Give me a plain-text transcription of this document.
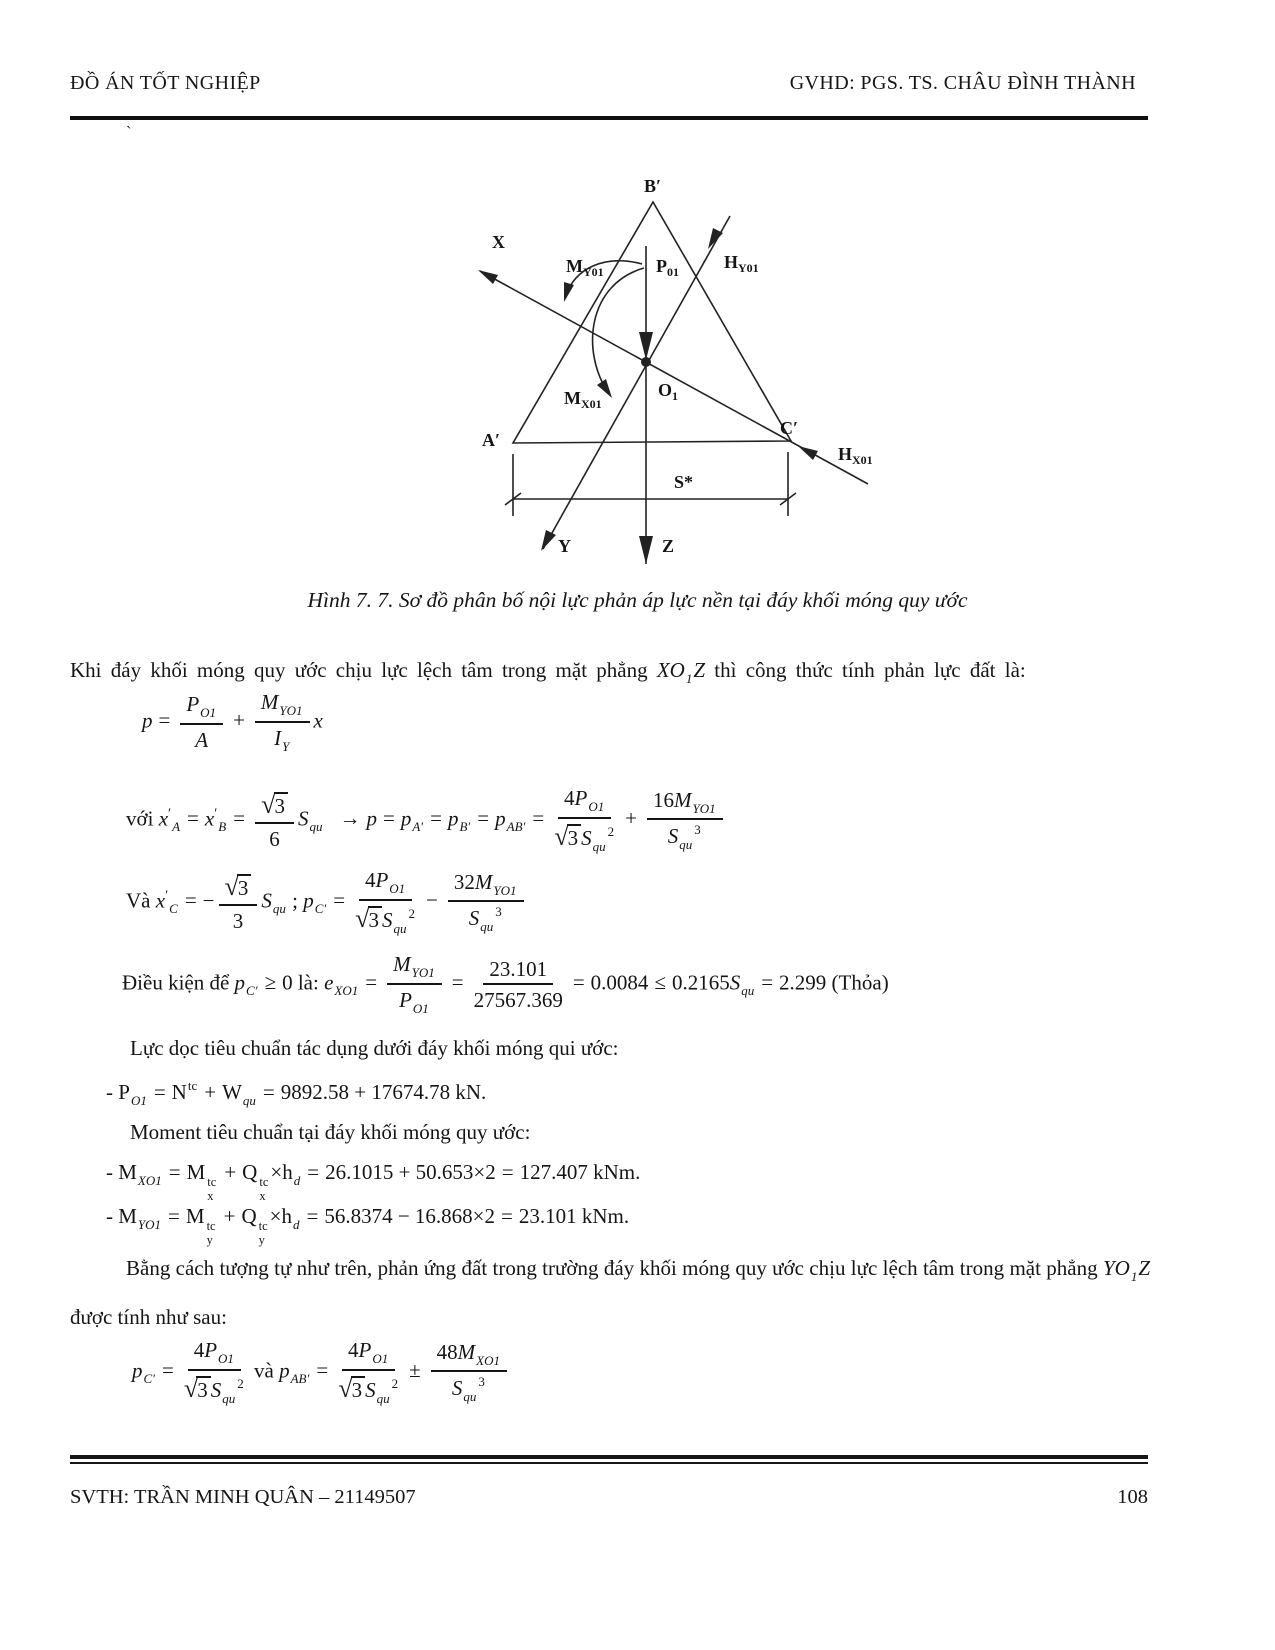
ĐỒ ÁN TỐT NGHIỆP	GVHD: PGS. TS. CHÂU ĐÌNH THÀNH
`
B′
X
$M_{Y01}$	$P_{01}$	$H_{Y01}$
$O_1$
$M_{X01}$
A′
C′
$H_{X01}$
S*
Y	Z
Hình 7. 7. Sơ đồ phân bố nội lực phản áp lực nền tại đáy khối móng quy ước
Khi đáy khối móng quy ước chịu lực lệch tâm trong mặt phẳng $XO_1Z$ thì công thức tính phản lực đất là:
$p = \frac{P_{O1}}{A} + \frac{M_{YO1}}{I_Y}$ x
với $x'_A = x'_B = \frac{√3}{6} S_{qu} \to p = p_{A'} = p_{B'} = p_{AB'} = \frac{4P_{O1}}{√3 S_{qu}^2} + \frac{16M_{YO1}}{S_{qu}^3}$
Và $x'_C$ = − $\frac{√3}{3} S_{qu}$ ; $p_{C'} = \frac{4P_{O1}}{√3 S_{qu}^2} - \frac{32M_{YO1}}{S_{qu}^3}$
Điều kiện để $p_{C'} \ge 0$ là: $e_{XO1} = \frac{M_{YO1}}{P_{O1}} = \frac{23.101}{27567.369} = 0.0084 \le 0.2165S_{qu} = 2.299$ (Thỏa)
Lực dọc tiêu chuẩn tác dụng dưới đáy khối móng qui ước:
- $P_{O1} = N^{tc} + W_{qu} = 9892.58 + 17674.78$ kN.
Moment tiêu chuẩn tại đáy khối móng quy ước:
- $M_{XO1} = M$ tc
x
+ Q tc
x
$\times h_d = 26.1015 + 50.653\times 2 = 127.407$ kNm.
- $M_{YO1} = M$ tc
y
+ Q tc
y
$\times h_d = 56.8374 - 16.868\times 2 = 23.101$ kNm.
Bằng cách tượng tự như trên, phản ứng đất trong trường đáy khối móng quy ước chịu lực lệch tâm trong mặt phẳng $YO_1Z$ được tính như sau:
$p_{C'} = \frac{4P_{O1}}{√3 S_{qu}^2}$ và $p_{AB'} = \frac{4P_{O1}}{√3 S_{qu}^2} \pm \frac{48M_{XO1}}{S_{qu}^3}$
SVTH: TRẦN MINH QUÂN – 21149507	108
